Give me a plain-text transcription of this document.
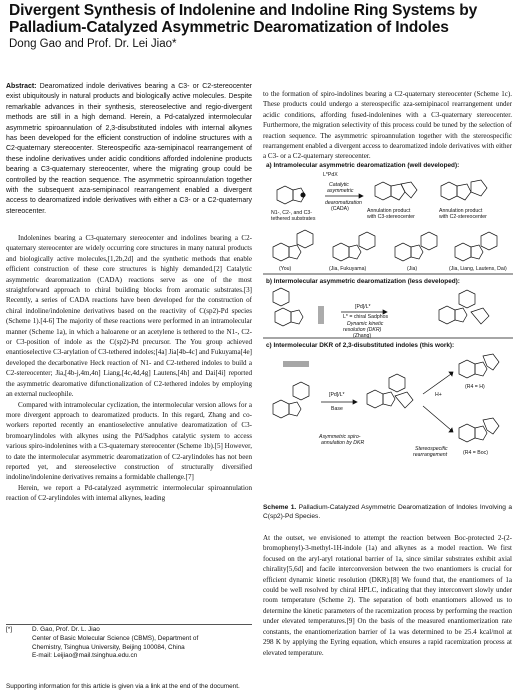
Divergent Synthesis of Indolenine and Indoline Ring Systems by Palladium-Catalyzed Asymmetric Dearomatization of Indoles
Dong Gao and Prof. Dr. Lei Jiao*
Abstract: Dearomatized indole derivatives bearing a C3- or C2-stereocenter exist ubiquitously in natural products and biologically active molecules. Despite remarkable advances in their synthesis, stereoselective and regio-divergent methods are still in a high demand. Herein, a Pd-catalyzed intermolecular asymmetric spiroannulation of 2,3-disubstituted indoles with internal alkynes has been developed for the efficient construction of indoline structures with a C2-quaternary stereocenter. Stereospecific aza-semipinacol rearrangement of these indoline derivatives under acidic conditions afforded indolenine products bearing a C3-quaternary stereocenter, where the migrating group could be controlled by the reaction sequence. The asymmetric spiroannulation together with the subsequent aza-semipinacol rearrangement enabled a divergent access to dearomatized indole derivatives with either a C3- or a C2-quaternary stereocenter.

Indolenines bearing a C3-quaternary stereocenter and indolines bearing a C2-quaternary stereocenter are widely occurring core structures in many natural products and biologically active molecules,[1,2b,2d] and the synthetic methods that enable efficient construction of these core structures is highly demanded.[2] Catalytic asymmetric dearomatization (CADA) reactions serve as one of the most straightforward approach to chiral building blocks from aromatic substrates.[3] Recently, a series of CADA reactions have been developed for the construction of chiral indoline/indolenine derivatives based on the reactivity of C(sp2)-Pd species (Scheme 1).[4-6] The majority of these reactions were performed in an intramolecular manner (Scheme 1a), in which a haloarene or an acetylene is tethered to the N1-, C2- or C3-position of indole as the C(sp2)-Pd precursor. The You group achieved enantioselective C3-arylation of C3-tethered indoles;[4a] Jia[4b-4c] and Fukuyama[4e] developed the decarbonative Heck reaction of N1- and C2-tethered indoles to build a C2-stereocenter; Jia,[4b-j,4m,4n] Liang,[4c,4d,4g] Lautens,[4h] and Dai[4i] reported the asymmetric dearomative difunctionalization of C2-tethered indoles by employing an external nucleophile.

Compared with intramolecular cyclization, the intermolecular version allows for a more divergent approach to dearomatized products. In this regard, Zhang and co-workers reported recently an enantioselective annulative dearomatization of C3-bromoarylindoles with alkynes using the Pd/Sadphos catalytic system to access various spiro-indolenines with a C3-quaternary stereocenter (Scheme 1b).[5] However, to date the intermolecular asymmetric dearomatization of C2-arylindoles has not been reported yet, and stereoselective construction of structurally diversified indoline/indolenine derivatives remains a formidable challenge.[7]

Herein, we report a Pd-catalyzed asymmetric intermolecular spiroannulation reaction of C2-arylindoles with internal alkynes, leading

to the formation of spiro-indolines bearing a C2-quaternary stereocenter (Scheme 1c). These products could undergo a stereospecific aza-semipinacol rearrangement under acidic conditions, affording fused-indolenines with a C3-quaternary stereocenter. Furthermore, the migration selectivity of this process could be tuned by the selection of reaction sequence. The asymmetric spiroannulation together with the stereospecific rearrangement enabled a divergent access to dearomatized indole derivatives with either a C3- or a C2-quaternary stereocenter.

L*PdX
Catalytic
asymmetric
dearomatization
(CADA)
N1-, C2-, and C3-
tethered substrates
Annulation product
with C3-stereocenter
Annulation product
with C2-stereocenter
(You)	(Jia, Fukuyama)	(Jia)	(Jia, Liang, Lautens, Dai)
[Pd]/L*
L* = chiral Sadphos
Dynamic kinetic
resolution (DKR)
(Zhang)
[Pd]/L*
Base
H+
Asymmetric spiro-
annulation by DKR
Stereospecific
rearrangement
(R4 = H)
(R4 = Boc)
a) Intramolecular asymmetric dearomatization (well developed):
b) Intermolecular asymmetric dearomatization (less developed):
c) Intermolecular DKR of 2,3-disubstituted indoles (this work):
Scheme 1. Palladium-Catalyzed Asymmetric Dearomatization of Indoles Involving a C(sp2)-Pd Species.

At the outset, we envisioned to attempt the reaction between Boc-protected 2-(2-bromophenyl)-3-methyl-1H-indole (1a) and alkynes as a model reaction. We first focused on the aryl-aryl rotational barrier of 1a, since similar substrates exhibit axial chirality[5,6d] and facile interconversion between the two enantiomers is crucial for efficient dynamic kinetic resolution (DKR).[8] We found that, the enantiomers of 1a could be well resolved by chiral HPLC, indicating that they interconvert slowly under room temperature (Scheme 2). The separation of both enantiomers allowed us to determine the kinetic parameters of the racemization process by performing the reaction under elevated temperatures.[9] On the basis of the measured enantiomerization rate constants, the enantiomerization barrier of 1a was determined to be 25.4 kcal/mol at 298 K by applying the Eyring equation, which ensures a rapid racemization process at elevated temperature.

[*]	D. Gao, Prof. Dr. L. Jiao
Center of Basic Molecular Science (CBMS), Department of
Chemistry, Tsinghua University, Beijing 100084, China
E-mail: Leijiao@mail.tsinghua.edu.cn
Supporting information for this article is given via a link at the end of the document.
